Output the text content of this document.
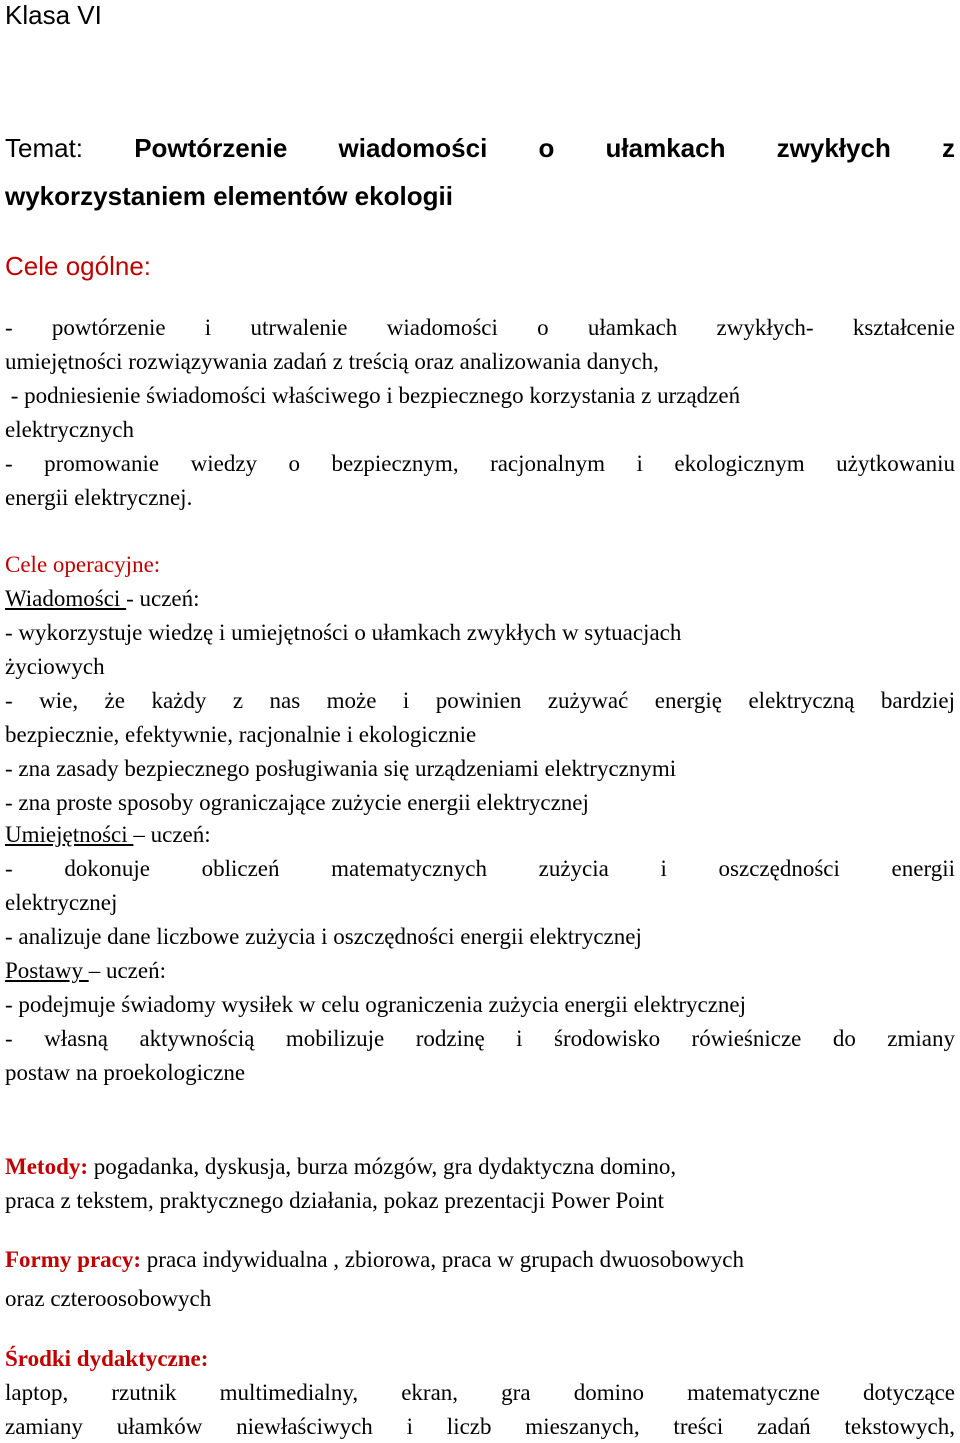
Klasa VI

Temat: Powtórzenie wiadomości o ułamkach zwykłych z

wykorzystaniem elementów ekologii

Cele ogólne:

- powtórzenie i utrwalenie wiadomości o ułamkach zwykłych- kształcenie

umiejętności rozwiązywania zadań z treścią oraz analizowania danych,

- podniesienie świadomości właściwego i bezpiecznego korzystania z urządzeń

elektrycznych

- promowanie wiedzy o bezpiecznym, racjonalnym i ekologicznym użytkowaniu

energii elektrycznej.

Cele operacyjne:

Wiadomości - uczeń:

- wykorzystuje wiedzę i umiejętności o ułamkach zwykłych w sytuacjach

życiowych

- wie, że każdy z nas może i powinien zużywać energię elektryczną bardziej

bezpiecznie, efektywnie, racjonalnie i ekologicznie

- zna zasady bezpiecznego posługiwania się urządzeniami elektrycznymi

- zna proste sposoby ograniczające zużycie energii elektrycznej

Umiejętności – uczeń:

- dokonuje obliczeń matematycznych zużycia i oszczędności energii

elektrycznej

- analizuje dane liczbowe zużycia i oszczędności energii elektrycznej

Postawy – uczeń:

- podejmuje świadomy wysiłek w celu ograniczenia zużycia energii elektrycznej

- własną aktywnością mobilizuje rodzinę i środowisko rówieśnicze do zmiany

postaw na proekologiczne

Metody: pogadanka, dyskusja, burza mózgów, gra dydaktyczna domino,

praca z tekstem, praktycznego działania, pokaz prezentacji Power Point

Formy pracy: praca indywidualna , zbiorowa, praca w grupach dwuosobowych

oraz czteroosobowych

Środki dydaktyczne:

laptop, rzutnik multimedialny, ekran, gra domino matematyczne dotyczące

zamiany ułamków niewłaściwych i liczb mieszanych, treści zadań tekstowych,
